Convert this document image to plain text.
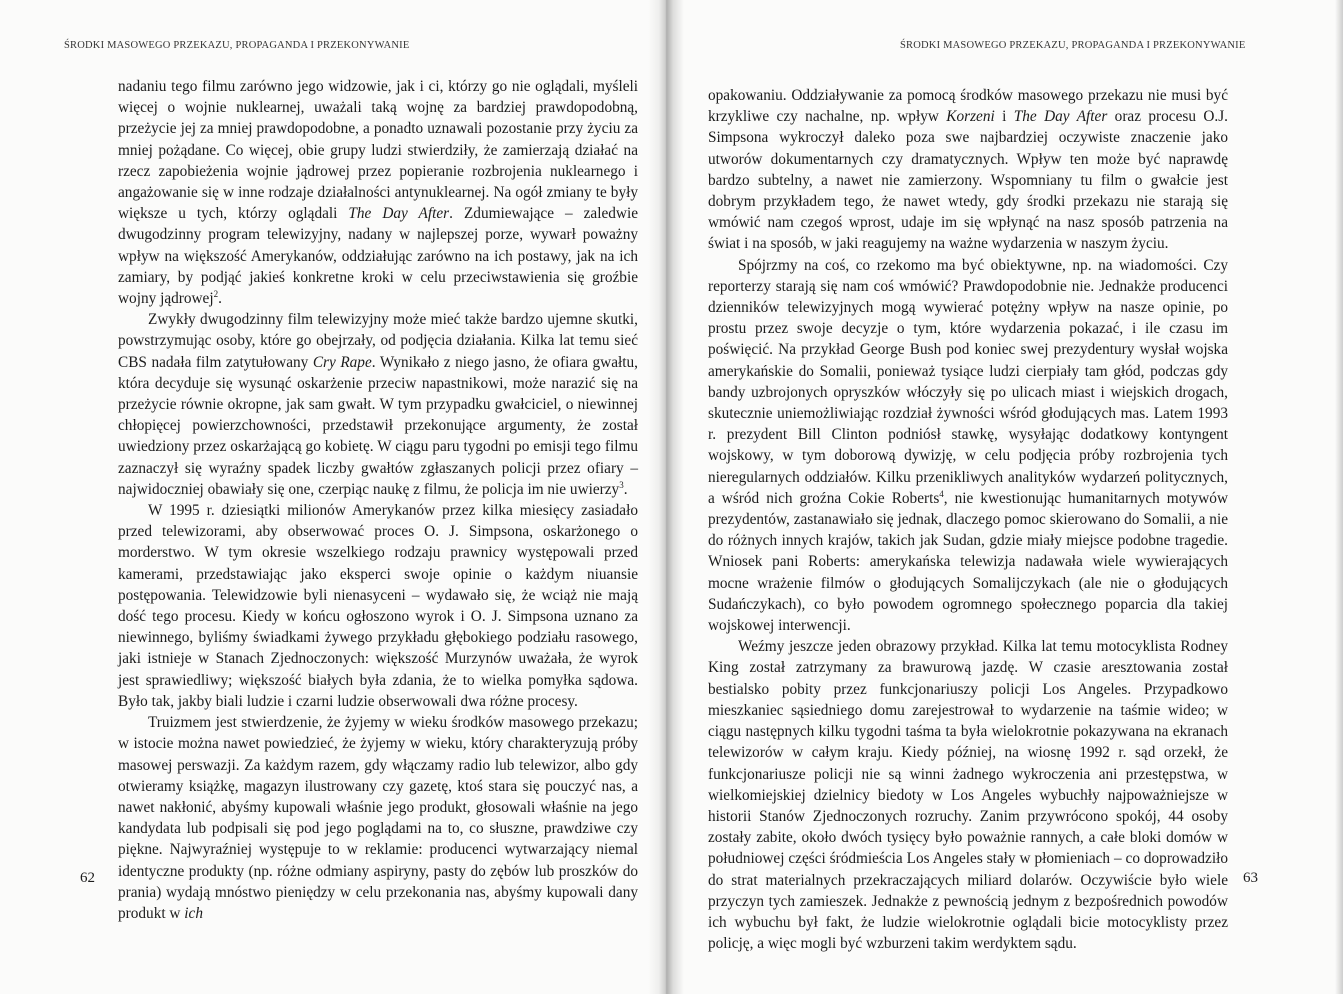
ŚRODKI MASOWEGO PRZEKAZU, PROPAGANDA I PRZEKONYWANIE

nadaniu tego filmu zarówno jego widzowie, jak i ci, którzy go nie oglądali, myśleli więcej o wojnie nuklearnej, uważali taką wojnę za bardziej prawdopodobną, przeżycie jej za mniej prawdopodobne, a ponadto uznawali pozostanie przy życiu za mniej pożądane. Co więcej, obie grupy ludzi stwierdziły, że zamierzają działać na rzecz zapobieżenia wojnie jądrowej przez popieranie rozbrojenia nuklearnego i angażowanie się w inne rodzaje działalności antynuklearnej. Na ogół zmiany te były większe u tych, którzy oglądali The Day After. Zdumiewające – zaledwie dwugodzinny program telewizyjny, nadany w najlepszej porze, wywarł poważny wpływ na większość Amerykanów, oddziałując zarówno na ich postawy, jak na ich zamiary, by podjąć jakieś konkretne kroki w celu przeciwstawienia się groźbie wojny jądrowej$^2$.

Zwykły dwugodzinny film telewizyjny może mieć także bardzo ujemne skutki, powstrzymując osoby, które go obejrzały, od podjęcia działania. Kilka lat temu sieć CBS nadała film zatytułowany Cry Rape. Wynikało z niego jasno, że ofiara gwałtu, która decyduje się wysunąć oskarżenie przeciw napastnikowi, może narazić się na przeżycie równie okropne, jak sam gwałt. W tym przypadku gwałciciel, o niewinnej chłopięcej powierzchowności, przedstawił przekonujące argumenty, że został uwiedziony przez oskarżającą go kobietę. W ciągu paru tygodni po emisji tego filmu zaznaczył się wyraźny spadek liczby gwałtów zgłaszanych policji przez ofiary – najwidoczniej obawiały się one, czerpiąc naukę z filmu, że policja im nie uwierzy$^3$.

W 1995 r. dziesiątki milionów Amerykanów przez kilka miesięcy zasiadało przed telewizorami, aby obserwować proces O. J. Simpsona, oskarżonego o morderstwo. W tym okresie wszelkiego rodzaju prawnicy występowali przed kamerami, przedstawiając jako eksperci swoje opinie o każdym niuansie postępowania. Telewidzowie byli nienasyceni – wydawało się, że wciąż nie mają dość tego procesu. Kiedy w końcu ogłoszono wyrok i O. J. Simpsona uznano za niewinnego, byliśmy świadkami żywego przykładu głębokiego podziału rasowego, jaki istnieje w Stanach Zjednoczonych: większość Murzynów uważała, że wyrok jest sprawiedliwy; większość białych była zdania, że to wielka pomyłka sądowa. Było tak, jakby biali ludzie i czarni ludzie obserwowali dwa różne procesy.

Truizmem jest stwierdzenie, że żyjemy w wieku środków masowego przekazu; w istocie można nawet powiedzieć, że żyjemy w wieku, który charakteryzują próby masowej perswazji. Za każdym razem, gdy włączamy radio lub telewizor, albo gdy otwieramy książkę, magazyn ilustrowany czy gazetę, ktoś stara się pouczyć nas, a nawet nakłonić, abyśmy kupowali właśnie jego produkt, głosowali właśnie na jego kandydata lub podpisali się pod jego poglądami na to, co słuszne, prawdziwe czy piękne. Najwyraźniej występuje to w reklamie: producenci wytwarzający niemal identyczne produkty (np. różne odmiany aspiryny, pasty do zębów lub proszków do prania) wydają mnóstwo pieniędzy w celu przekonania nas, abyśmy kupowali dany produkt w ich

62
ŚRODKI MASOWEGO PRZEKAZU, PROPAGANDA I PRZEKONYWANIE

opakowaniu. Oddziaływanie za pomocą środków masowego przekazu nie musi być krzykliwe czy nachalne, np. wpływ Korzeni i The Day After oraz procesu O.J. Simpsona wykroczył daleko poza swe najbardziej oczywiste znaczenie jako utworów dokumentarnych czy dramatycznych. Wpływ ten może być naprawdę bardzo subtelny, a nawet nie zamierzony. Wspomniany tu film o gwałcie jest dobrym przykładem tego, że nawet wtedy, gdy środki przekazu nie starają się wmówić nam czegoś wprost, udaje im się wpłynąć na nasz sposób patrzenia na świat i na sposób, w jaki reagujemy na ważne wydarzenia w naszym życiu.

Spójrzmy na coś, co rzekomo ma być obiektywne, np. na wiadomości. Czy reporterzy starają się nam coś wmówić? Prawdopodobnie nie. Jednakże producenci dzienników telewizyjnych mogą wywierać potężny wpływ na nasze opinie, po prostu przez swoje decyzje o tym, które wydarzenia pokazać, i ile czasu im poświęcić. Na przykład George Bush pod koniec swej prezydentury wysłał wojska amerykańskie do Somalii, ponieważ tysiące ludzi cierpiały tam głód, podczas gdy bandy uzbrojonych opryszków włóczyły się po ulicach miast i wiejskich drogach, skutecznie uniemożliwiając rozdział żywności wśród głodujących mas. Latem 1993 r. prezydent Bill Clinton podniósł stawkę, wysyłając dodatkowy kontyngent wojskowy, w tym doborową dywizję, w celu podjęcia próby rozbrojenia tych nieregularnych oddziałów. Kilku przenikliwych analityków wydarzeń politycznych, a wśród nich groźna Cokie Roberts$^4$, nie kwestionując humanitarnych motywów prezydentów, zastanawiało się jednak, dlaczego pomoc skierowano do Somalii, a nie do różnych innych krajów, takich jak Sudan, gdzie miały miejsce podobne tragedie. Wniosek pani Roberts: amerykańska telewizja nadawała wiele wywierających mocne wrażenie filmów o głodujących Somalijczykach (ale nie o głodujących Sudańczykach), co było powodem ogromnego społecznego poparcia dla takiej wojskowej interwencji.

Weźmy jeszcze jeden obrazowy przykład. Kilka lat temu motocyklista Rodney King został zatrzymany za brawurową jazdę. W czasie aresztowania został bestialsko pobity przez funkcjonariuszy policji Los Angeles. Przypadkowo mieszkaniec sąsiedniego domu zarejestrował to wydarzenie na taśmie wideo; w ciągu następnych kilku tygodni taśma ta była wielokrotnie pokazywana na ekranach telewizorów w całym kraju. Kiedy później, na wiosnę 1992 r. sąd orzekł, że funkcjonariusze policji nie są winni żadnego wykroczenia ani przestępstwa, w wielkomiejskiej dzielnicy biedoty w Los Angeles wybuchły najpoważniejsze w historii Stanów Zjednoczonych rozruchy. Zanim przywrócono spokój, 44 osoby zostały zabite, około dwóch tysięcy było poważnie rannych, a całe bloki domów w południowej części śródmieścia Los Angeles stały w płomieniach – co doprowadziło do strat materialnych przekraczających miliard dolarów. Oczywiście było wiele przyczyn tych zamieszek. Jednakże z pewnością jednym z bezpośrednich powodów ich wybuchu był fakt, że ludzie wielokrotnie oglądali bicie motocyklisty przez policję, a więc mogli być wzburzeni takim werdyktem sądu.

63
